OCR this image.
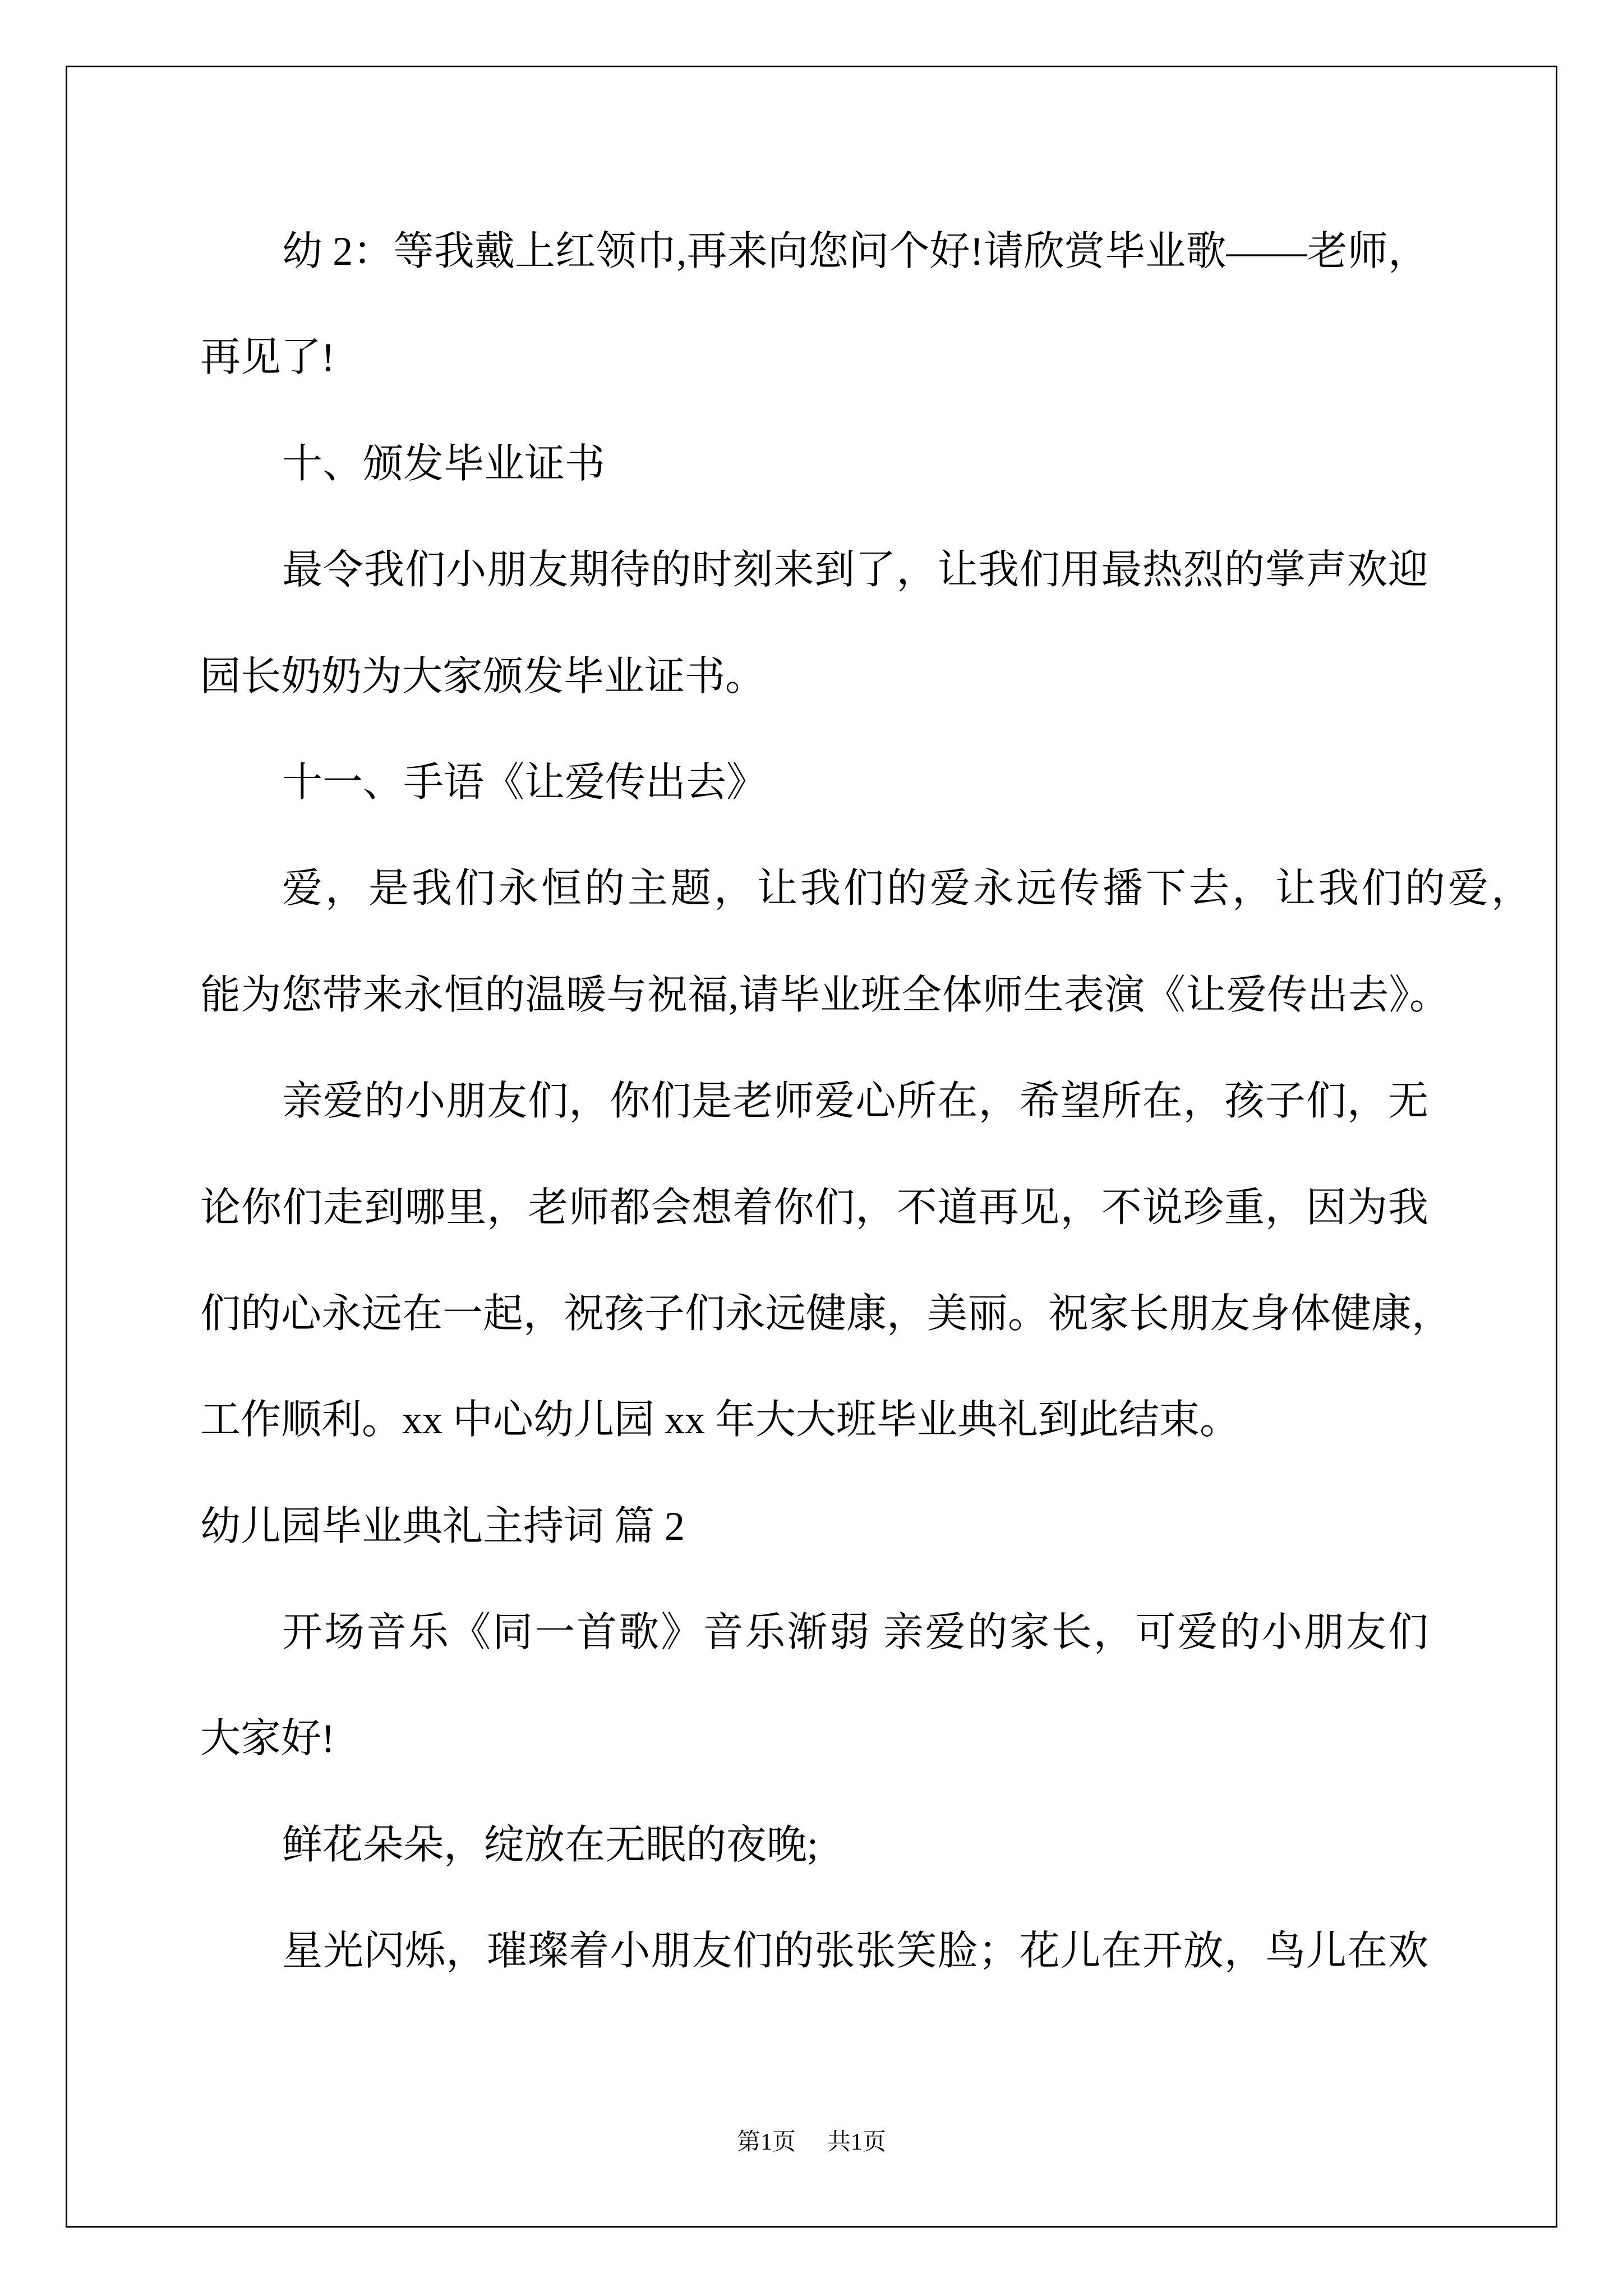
幼 2：等我戴上红领巾,再来向您问个好!请欣赏毕业歌——老师，
再见了!
十、颁发毕业证书
最令我们小朋友期待的时刻来到了，让我们用最热烈的掌声欢迎
园长奶奶为大家颁发毕业证书。
十一、手语《让爱传出去》
爱，是我们永恒的主题，让我们的爱永远传播下去，让我们的爱，
能为您带来永恒的温暖与祝福,请毕业班全体师生表演《让爱传出去》。
亲爱的小朋友们，你们是老师爱心所在，希望所在，孩子们，无
论你们走到哪里，老师都会想着你们，不道再见，不说珍重，因为我
们的心永远在一起，祝孩子们永远健康，美丽。祝家长朋友身体健康，
工作顺利。xx 中心幼儿园 xx 年大大班毕业典礼到此结束。
幼儿园毕业典礼主持词 篇 2
开场音乐《同一首歌》音乐渐弱 亲爱的家长，可爱的小朋友们
大家好!
鲜花朵朵，绽放在无眠的夜晚;
星光闪烁，璀璨着小朋友们的张张笑脸；花儿在开放，鸟儿在欢
第1页 共1页
